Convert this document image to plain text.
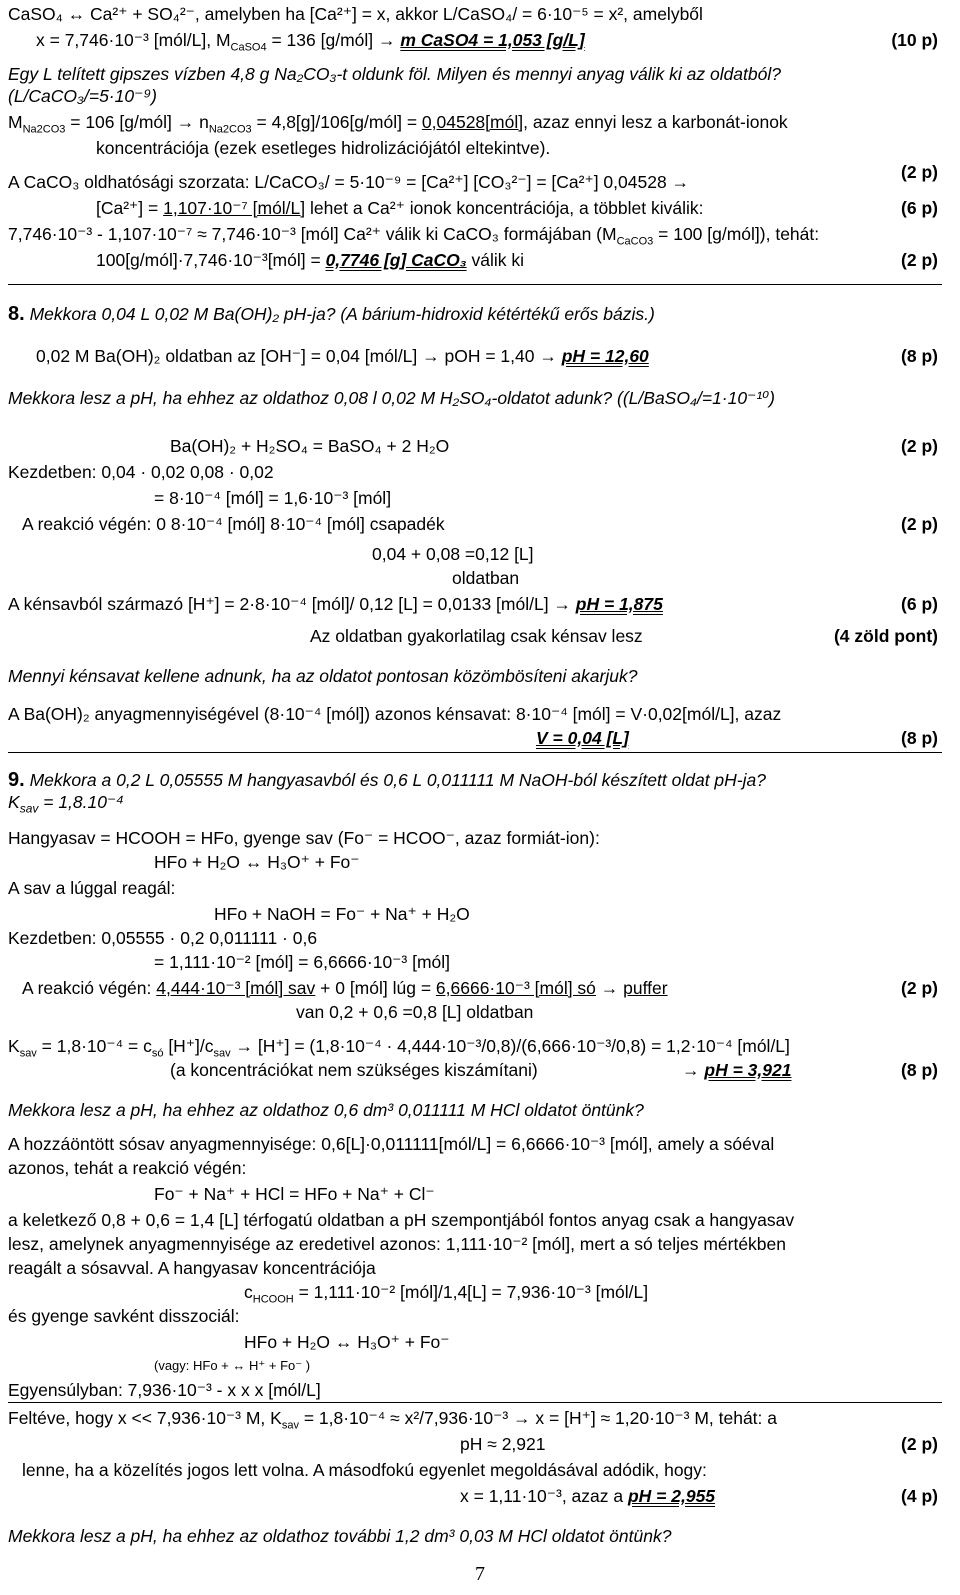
CaSO₄ ↔ Ca²⁺ + SO₄²⁻, amelyben ha [Ca²⁺] = x, akkor L/CaSO₄/ = 6·10⁻⁵ = x², amelyből
x = 7,746·10⁻³ [mól/L], $M_{CaSO4} = 136$ [g/mól] → m CaSO4 = 1,053 [g/L]	(10 p)
Egy L telített gipszes vízben 4,8 g Na₂CO₃-t oldunk föl. Milyen és mennyi anyag válik ki az oldatból?
(L/CaCO₃/=5·10⁻⁹)
$M_{Na2CO3} = 106$ [g/mól] → $n_{Na2CO3}$ = 4,8[g]/106[g/mól] = 0,04528[mól], azaz ennyi lesz a karbonát-ionok
koncentrációja (ezek esetleges hidrolizációjától eltekintve).
(2 p)
A CaCO₃ oldhatósági szorzata: L/CaCO₃/ = 5·10⁻⁹ = [Ca²⁺] [CO₃²⁻] = [Ca²⁺] 0,04528 →
[Ca²⁺] = 1,107·10⁻⁷ [mól/L] lehet a Ca²⁺ ionok koncentrációja, a többlet kiválik:	(6 p)
7,746·10⁻³ - 1,107·10⁻⁷ ≈ 7,746·10⁻³ [mól] Ca²⁺ válik ki CaCO₃ formájában ($M_{CaCO3} = 100$ [g/mól]), tehát:
100[g/mól]·7,746·10⁻³[mól] = 0,7746 [g] CaCO₃ válik ki	(2 p)
8. Mekkora 0,04 L 0,02 M Ba(OH)₂ pH-ja? (A bárium-hidroxid kétértékű erős bázis.)
0,02 M Ba(OH)₂ oldatban az [OH⁻] = 0,04 [mól/L] → pOH = 1,40 → pH = 12,60	(8 p)
Mekkora lesz a pH, ha ehhez az oldathoz 0,08 l 0,02 M H₂SO₄-oldatot adunk? ((L/BaSO₄/=1·10⁻¹⁰)
Ba(OH)₂ + H₂SO₄ = BaSO₄ + 2 H₂O	(2 p)
Kezdetben: 0,04 · 0,02 0,08 · 0,02
= 8·10⁻⁴ [mól] = 1,6·10⁻³ [mól]
A reakció végén: 0 8·10⁻⁴ [mól] 8·10⁻⁴ [mól] csapadék	(2 p)
0,04 + 0,08 =0,12 [L]
oldatban
A kénsavból származó [H⁺] = 2·8·10⁻⁴ [mól]/ 0,12 [L] = 0,0133 [mól/L] → pH = 1,875	(6 p)
Az oldatban gyakorlatilag csak kénsav lesz	(4 zöld pont)
Mennyi kénsavat kellene adnunk, ha az oldatot pontosan közömbösíteni akarjuk?
A Ba(OH)₂ anyagmennyiségével (8·10⁻⁴ [mól]) azonos kénsavat: 8·10⁻⁴ [mól] = V·0,02[mól/L], azaz
V = 0,04 [L]	(8 p)
9. Mekkora a 0,2 L 0,05555 M hangyasavból és 0,6 L 0,011111 M NaOH-ból készített oldat pH-ja?
$K_{sav} = 1,8.10^{-4}$
Hangyasav = HCOOH = HFo, gyenge sav (Fo⁻ = HCOO⁻, azaz formiát-ion):
HFo + H₂O ↔ H₃O⁺ + Fo⁻
A sav a lúggal reagál:
HFo + NaOH = Fo⁻ + Na⁺ + H₂O
Kezdetben: 0,05555 · 0,2 0,011111 · 0,6
= 1,111·10⁻² [mól] = 6,6666·10⁻³ [mól]
A reakció végén: 4,444·10⁻³ [mól] sav + 0 [mól] lúg = 6,6666·10⁻³ [mól] só → puffer	(2 p)
van 0,2 + 0,6 =0,8 [L] oldatban
$K_{sav} = 1,8\cdot 10^{-4} = c_{só}$ $[H^+]/c_{sav} \to [H^+] = (1,8\cdot 10^{-4} \cdot 4,444\cdot 10^{-3}/0,8)/(6,666\cdot 10^{-3}/0,8) = 1,2\cdot 10^{-4}$ [mól/L]
(a koncentrációkat nem szükséges kiszámítani)	→ pH = 3,921	(8 p)
Mekkora lesz a pH, ha ehhez az oldathoz 0,6 dm³ 0,011111 M HCl oldatot öntünk?
A hozzáöntött sósav anyagmennyisége: 0,6[L]·0,011111[mól/L] = 6,6666·10⁻³ [mól], amely a sóéval
azonos, tehát a reakció végén:
Fo⁻ + Na⁺ + HCl = HFo + Na⁺ + Cl⁻
a keletkező 0,8 + 0,6 = 1,4 [L] térfogatú oldatban a pH szempontjából fontos anyag csak a hangyasav
lesz, amelynek anyagmennyisége az eredetivel azonos: 1,111·10⁻² [mól], mert a só teljes mértékben
reagált a sósavval. A hangyasav koncentrációja
$c_{HCOOH} = 1,111\cdot 10^{-2}$ [mól]/1,4[L] = 7,936·10⁻³ [mól/L]
és gyenge savként disszociál:
HFo + H₂O ↔ H₃O⁺ + Fo⁻
(vagy: HFo + ↔ H⁺ + Fo⁻ )
Egyensúlyban: 7,936·10⁻³ - x x x [mól/L]
Feltéve, hogy x << 7,936·10⁻³ M, $K_{sav} = 1,8\cdot 10^{-4} \approx x^2/7,936\cdot 10^{-3} \to x = [H^+] \approx 1,20\cdot 10^{-3}$ M, tehát: a
pH ≈ 2,921	(2 p)
lenne, ha a közelítés jogos lett volna. A másodfokú egyenlet megoldásával adódik, hogy:
x = 1,11·10⁻³, azaz a pH = 2,955	(4 p)
Mekkora lesz a pH, ha ehhez az oldathoz további 1,2 dm³ 0,03 M HCl oldatot öntünk?
7
